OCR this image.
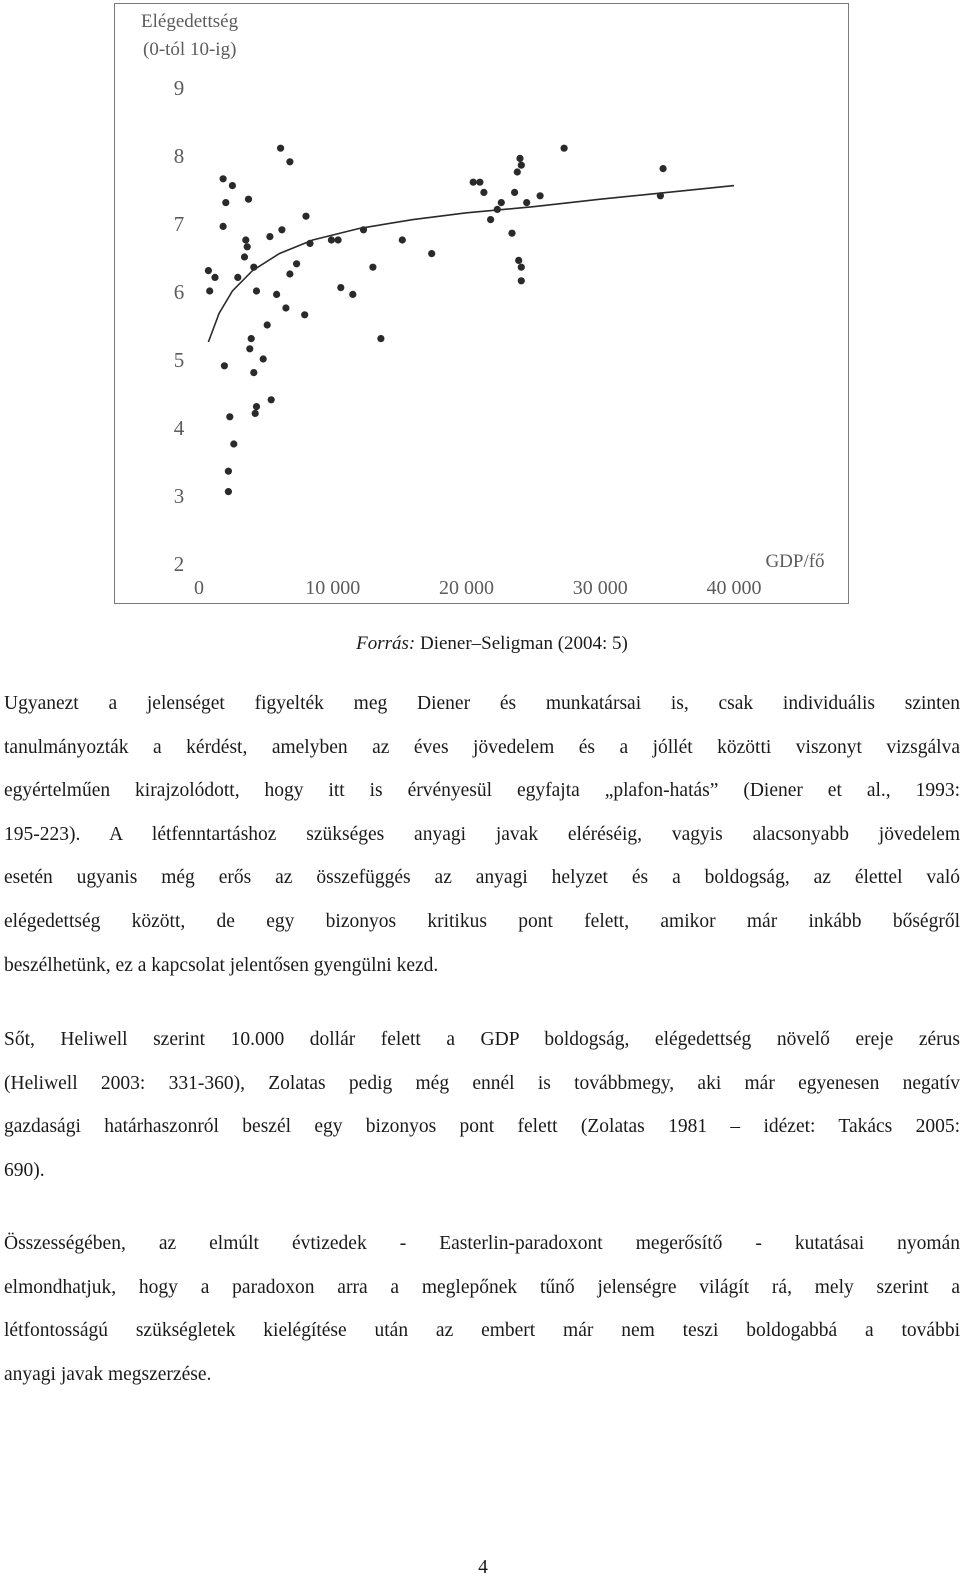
Elégedettség
(0-tól 10-ig)
2
3
4
5
6
7
8
9
0	10 000	20 000	30 000	40 000
GDP/fő
Forrás: Diener–Seligman (2004: 5)
Ugyanezt a jelenséget figyelték meg Diener és munkatársai is, csak individuális szinten
tanulmányozták a kérdést, amelyben az éves jövedelem és a jóllét közötti viszonyt vizsgálva
egyértelműen kirajzolódott, hogy itt is érvényesül egyfajta „plafon-hatás” (Diener et al., 1993:
195-223). A létfenntartáshoz szükséges anyagi javak eléréséig, vagyis alacsonyabb jövedelem
esetén ugyanis még erős az összefüggés az anyagi helyzet és a boldogság, az élettel való
elégedettség között, de egy bizonyos kritikus pont felett, amikor már inkább bőségről
beszélhetünk, ez a kapcsolat jelentősen gyengülni kezd.
Sőt, Heliwell szerint 10.000 dollár felett a GDP boldogság, elégedettség növelő ereje zérus
(Heliwell 2003: 331-360), Zolatas pedig még ennél is továbbmegy, aki már egyenesen negatív
gazdasági határhaszonról beszél egy bizonyos pont felett (Zolatas 1981 – idézet: Takács 2005:
690).
Összességében, az elmúlt évtizedek - Easterlin-paradoxont megerősítő - kutatásai nyomán
elmondhatjuk, hogy a paradoxon arra a meglepőnek tűnő jelenségre világít rá, mely szerint a
létfontosságú szükségletek kielégítése után az embert már nem teszi boldogabbá a további
anyagi javak megszerzése.
4
